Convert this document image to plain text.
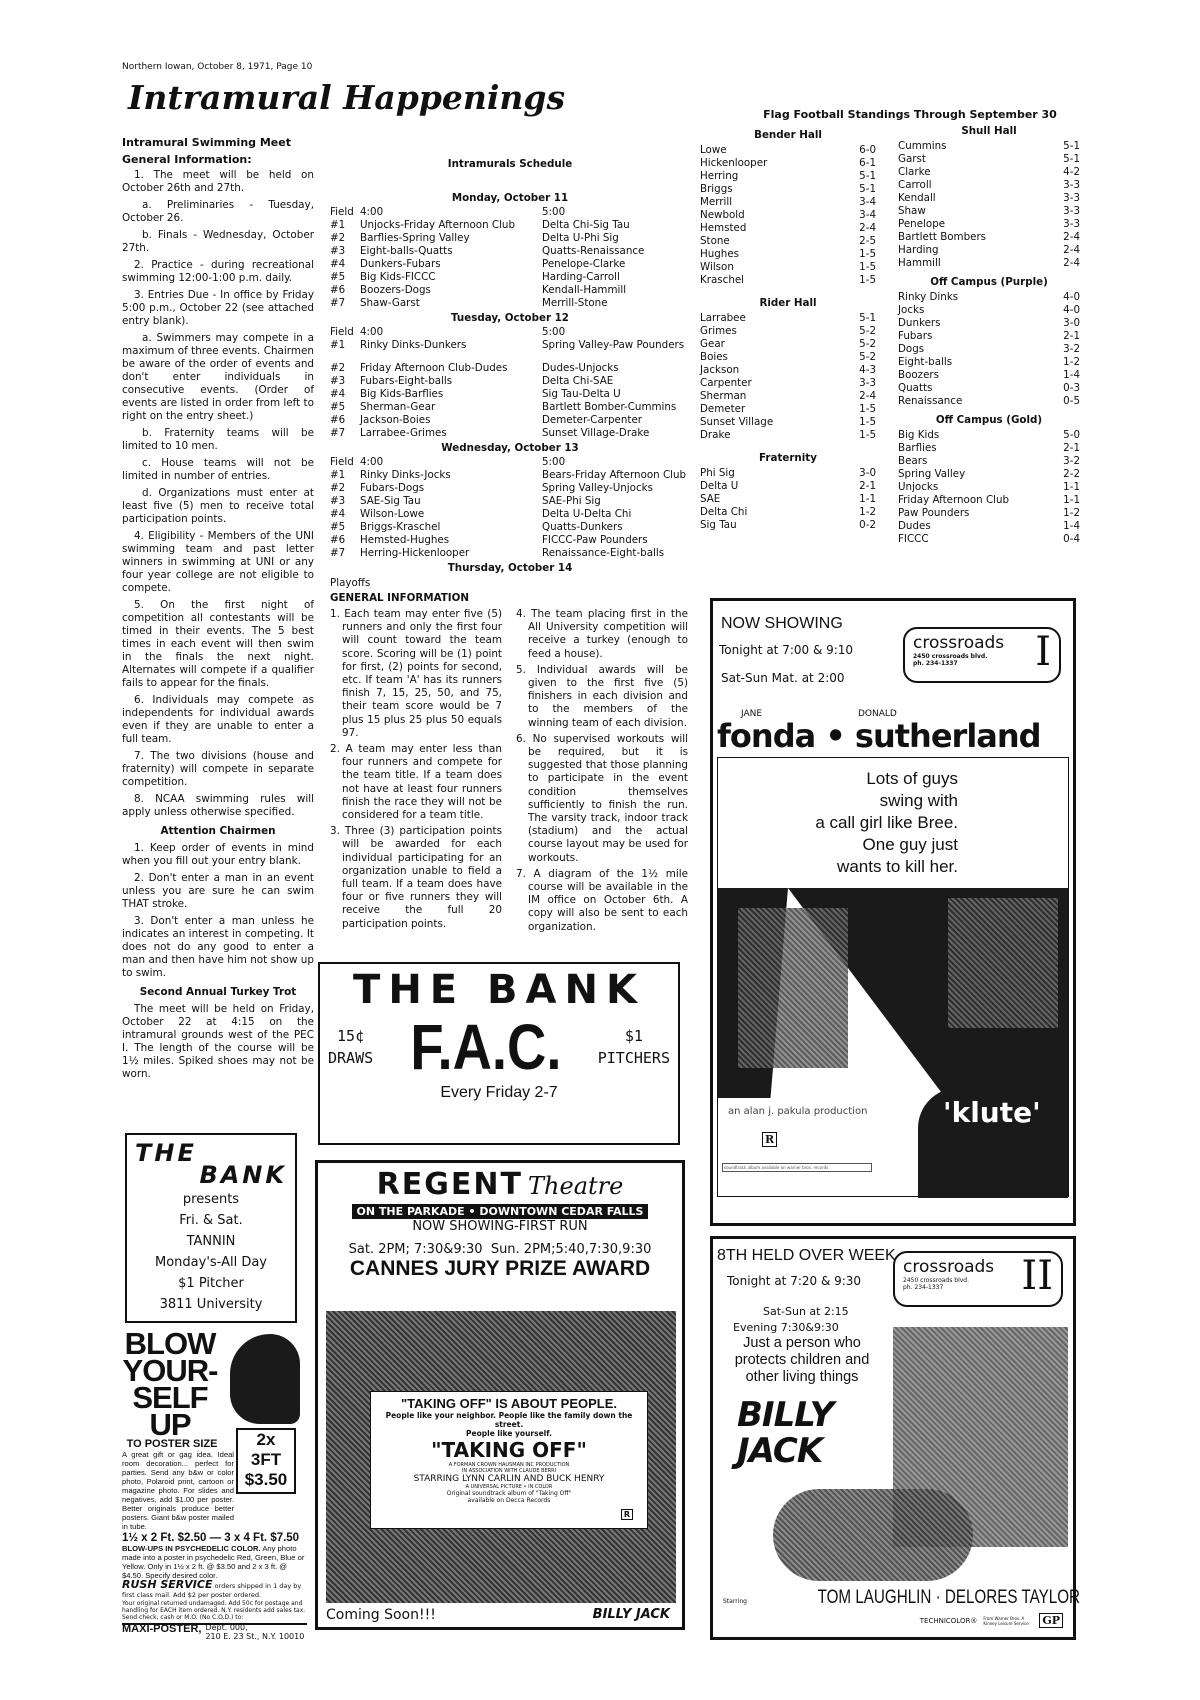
Northern Iowan, October 8, 1971, Page 10
Intramural Happenings
Intramural Swimming Meet
General Information:
1. The meet will be held on October 26th and 27th.
a. Preliminaries - Tuesday, October 26.
b. Finals - Wednesday, October 27th.
2. Practice - during recreational swimming 12:00-1:00 p.m. daily.
3. Entries Due - In office by Friday 5:00 p.m., October 22 (see attached entry blank).
a. Swimmers may compete in a maximum of three events. Chairmen be aware of the order of events and don't enter individuals in consecutive events. (Order of events are listed in order from left to right on the entry sheet.)
b. Fraternity teams will be limited to 10 men.
c. House teams will not be limited in number of entries.
d. Organizations must enter at least five (5) men to receive total participation points.
4. Eligibility - Members of the UNI swimming team and past letter winners in swimming at UNI or any four year college are not eligible to compete.
5. On the first night of competition all contestants will be timed in their events. The 5 best times in each event will then swim in the finals the next night. Alternates will compete if a qualifier fails to appear for the finals.
6. Individuals may compete as independents for individual awards even if they are unable to enter a full team.
7. The two divisions (house and fraternity) will compete in separate competition.
8. NCAA swimming rules will apply unless otherwise specified.
Attention Chairmen
1. Keep order of events in mind when you fill out your entry blank.
2. Don't enter a man in an event unless you are sure he can swim THAT stroke.
3. Don't enter a man unless he indicates an interest in competing. It does not do any good to enter a man and then have him not show up to swim.
Second Annual Turkey Trot
The meet will be held on Friday, October 22 at 4:15 on the intramural grounds west of the PEC I. The length of the course will be 1½ miles. Spiked shoes may not be worn.
Intramurals Schedule
Monday, October 11
Field 4:00	5:00
#1	Unjocks-Friday Afternoon Club	Delta Chi-Sig Tau
#2	Barflies-Spring Valley	Delta U-Phi Sig
#3	Eight-balls-Quatts	Quatts-Renaissance
#4	Dunkers-Fubars	Penelope-Clarke
#5	Big Kids-FICCC	Harding-Carroll
#6	Boozers-Dogs	Kendall-Hammill
#7	Shaw-Garst	Merrill-Stone
Tuesday, October 12
Field 4:00	5:00
#1	Rinky Dinks-Dunkers	Spring Valley-Paw Pounders
#2	Friday Afternoon Club-Dudes	Dudes-Unjocks
#3	Fubars-Eight-balls	Delta Chi-SAE
#4	Big Kids-Barflies	Sig Tau-Delta U
#5	Sherman-Gear	Bartlett Bomber-Cummins
#6	Jackson-Boies	Demeter-Carpenter
#7	Larrabee-Grimes	Sunset Village-Drake
Wednesday, October 13
Field 4:00	5:00
#1	Rinky Dinks-Jocks	Bears-Friday Afternoon Club
#2	Fubars-Dogs	Spring Valley-Unjocks
#3	SAE-Sig Tau	SAE-Phi Sig
#4	Wilson-Lowe	Delta U-Delta Chi
#5	Briggs-Kraschel	Quatts-Dunkers
#6	Hemsted-Hughes	FICCC-Paw Pounders
#7	Herring-Hickenlooper	Renaissance-Eight-balls
Thursday, October 14
Playoffs
GENERAL INFORMATION
1. Each team may enter five (5) runners and only the first four will count toward the team score. Scoring will be (1) point for first, (2) points for second, etc. If team 'A' has its runners finish 7, 15, 25, 50, and 75, their team score would be 7 plus 15 plus 25 plus 50 equals 97.
2. A team may enter less than four runners and compete for the team title. If a team does not have at least four runners finish the race they will not be considered for a team title.
3. Three (3) participation points will be awarded for each individual participating for an organization unable to field a full team. If a team does have four or five runners they will receive the full 20 participation points.
4. The team placing first in the All University competition will receive a turkey (enough to feed a house).
5. Individual awards will be given to the first five (5) finishers in each division and to the members of the winning team of each division.
6. No supervised workouts will be required, but it is suggested that those planning to participate in the event condition themselves sufficiently to finish the run. The varsity track, indoor track (stadium) and the actual course layout may be used for workouts.
7. A diagram of the 1½ mile course will be available in the IM office on October 6th. A copy will also be sent to each organization.
Flag Football Standings Through September 30
Bender Hall
Lowe	6-0
Hickenlooper	6-1
Herring	5-1
Briggs	5-1
Merrill	3-4
Newbold	3-4
Hemsted	2-4
Stone	2-5
Hughes	1-5
Wilson	1-5
Kraschel	1-5
Rider Hall
Larrabee	5-1
Grimes	5-2
Gear	5-2
Boies	5-2
Jackson	4-3
Carpenter	3-3
Sherman	2-4
Demeter	1-5
Sunset Village	1-5
Drake	1-5
Fraternity
Phi Sig	3-0
Delta U	2-1
SAE	1-1
Delta Chi	1-2
Sig Tau	0-2
Shull Hall
Cummins	5-1
Garst	5-1
Clarke	4-2
Carroll	3-3
Kendall	3-3
Shaw	3-3
Penelope	3-3
Bartlett Bombers	2-4
Harding	2-4
Hammill	2-4
Off Campus (Purple)
Rinky Dinks	4-0
Jocks	4-0
Dunkers	3-0
Fubars	2-1
Dogs	3-2
Eight-balls	1-2
Boozers	1-4
Quatts	0-3
Renaissance	0-5
Off Campus (Gold)
Big Kids	5-0
Barflies	2-1
Bears	3-2
Spring Valley	2-2
Unjocks	1-1
Friday Afternoon Club	1-1
Paw Pounders	1-2
Dudes	1-4
FICCC	0-4
THE
BANK
presents
Fri. & Sat.
TANNIN
Monday's-All Day
$1 Pitcher
3811 University
BLOW
YOUR-
SELF UP
TO POSTER SIZE
A great gift or gag idea. Ideal room decoration... perfect for parties. Send any b&w or color photo, Polaroid print, cartoon or magazine photo. For slides and negatives, add $1.00 per poster. Better originals produce better posters. Giant b&w poster mailed in tube.
2x
3FT
$3.50
1½ x 2 Ft. $2.50 — 3 x 4 Ft. $7.50
BLOW-UPS IN PSYCHEDELIC COLOR. Any photo made into a poster in psychedelic Red, Green, Blue or Yellow. Only in 1½ x 2 ft. @ $3.50 and 2 x 3 ft. @ $4.50. Specify desired color.
RUSH SERVICE orders shipped in 1 day by first class mail. Add $2 per poster ordered.
Your original returned undamaged. Add 50c for postage and handling for EACH item ordered. N.Y. residents add sales tax. Send check, cash or M.O. (No C.O.D.) to:
MAXI-POSTER, Dept. 000,
210 E. 23 St., N.Y. 10010
THE BANK
15¢
DRAWS F.A.C.	$1
PITCHERS
Every Friday 2-7
REGENT Theatre
ON THE PARKADE • DOWNTOWN CEDAR FALLS
NOW SHOWING-FIRST RUN
Sat. 2PM; 7:30&9:30  Sun. 2PM;5:40,7:30,9:30
CANNES JURY PRIZE AWARD
"TAKING OFF" IS ABOUT PEOPLE.
People like your neighbor. People like the family down the street.
People like yourself.
"TAKING OFF"
A FORMAN CROWN HAUSMAN INC PRODUCTION
IN ASSOCIATION WITH CLAUDE BERRI
STARRING LYNN CARLIN AND BUCK HENRY
A UNIVERSAL PICTURE • IN COLOR
Original soundtrack album of "Taking Off"
available on Decca Records
R
Coming Soon!!!	BILLY JACK
NOW SHOWING
Tonight at 7:00 & 9:10
Sat-Sun Mat. at 2:00
crossroads
2450 crossroads blvd.
ph. 234-1337	I
JANE	DONALD
fonda • sutherland
Lots of guys
swing with
a call girl like Bree.
One guy just
wants to kill her.
an alan j. pakula production	'klute'
R
soundtrack album available on warner bros. records
8TH HELD OVER WEEK
Tonight at 7:20 & 9:30
Sat-Sun at 2:15
Evening 7:30&9:30
Just a person who
protects children and
other living things
BILLY
JACK
crossroads
2450 crossroads blvd.
ph. 234-1337	II
Starring	TOM LAUGHLIN · DELORES TAYLOR
TECHNICOLOR® From Warner Bros. A Kinney Leisure Service	GP
